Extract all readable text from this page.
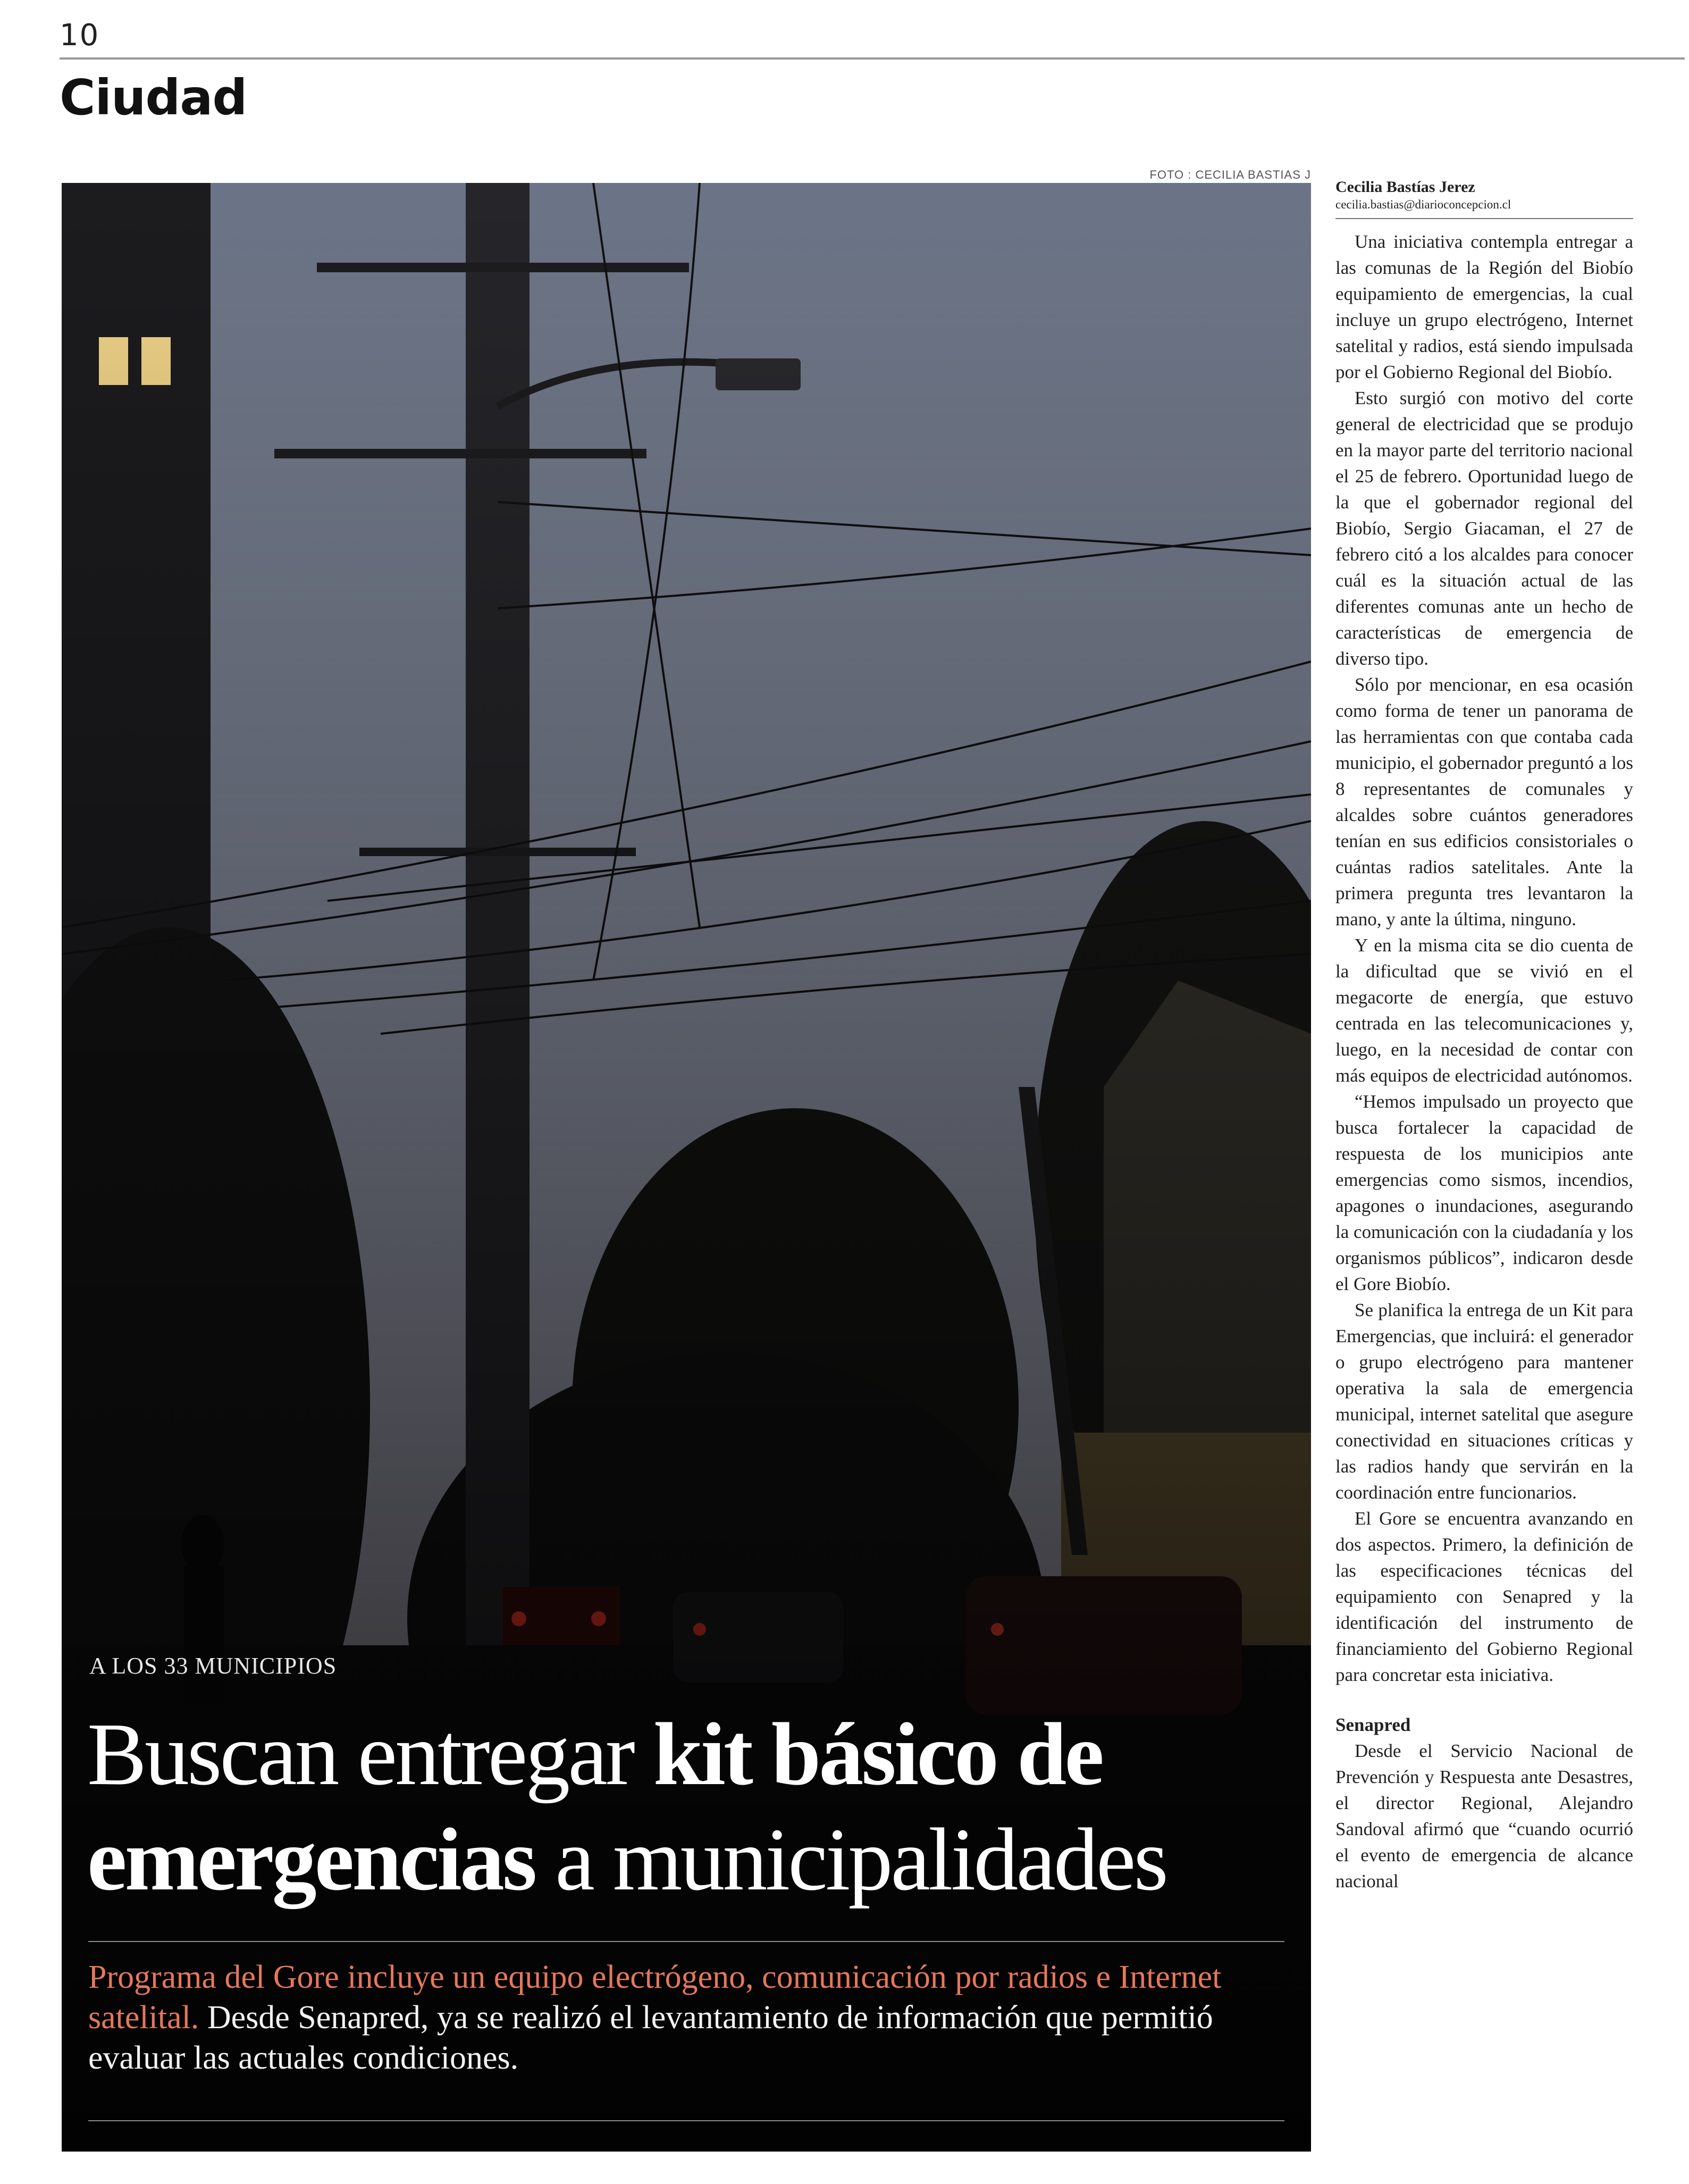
10
Ciudad
FOTO : CECILIA BASTIAS J
A LOS 33 MUNICIPIOS
Buscan entregar kit básico de emergencias a municipalidades
Programa del Gore incluye un equipo electrógeno, comunicación por radios e Internet satelital. Desde Senapred, ya se realizó el levantamiento de información que permitió evaluar las actuales condiciones.
Cecilia Bastías Jerez
cecilia.bastias@diarioconcepcion.cl

Una iniciativa contempla entregar a las comunas de la Región del Biobío equipamiento de emergencias, la cual incluye un grupo electrógeno, Internet satelital y radios, está siendo impulsada por el Gobierno Regional del Biobío.

Esto surgió con motivo del corte general de electricidad que se produjo en la mayor parte del territorio nacional el 25 de febrero. Oportunidad luego de la que el gobernador regional del Biobío, Sergio Giacaman, el 27 de febrero citó a los alcaldes para conocer cuál es la situación actual de las diferentes comunas ante un hecho de características de emergencia de diverso tipo.

Sólo por mencionar, en esa ocasión como forma de tener un panorama de las herramientas con que contaba cada municipio, el gobernador preguntó a los 8 representantes de comunales y alcaldes sobre cuántos generadores tenían en sus edificios consistoriales o cuántas radios satelitales. Ante la primera pregunta tres levantaron la mano, y ante la última, ninguno.

Y en la misma cita se dio cuenta de la dificultad que se vivió en el megacorte de energía, que estuvo centrada en las telecomunicaciones y, luego, en la necesidad de contar con más equipos de electricidad autónomos.

“Hemos impulsado un proyecto que busca fortalecer la capacidad de respuesta de los municipios ante emergencias como sismos, incendios, apagones o inundaciones, asegurando la comunicación con la ciudadanía y los organismos públicos”, indicaron desde el Gore Biobío.

Se planifica la entrega de un Kit para Emergencias, que incluirá: el generador o grupo electrógeno para mantener operativa la sala de emergencia municipal, internet satelital que asegure conectividad en situaciones críticas y las radios handy que servirán en la coordinación entre funcionarios.

El Gore se encuentra avanzando en dos aspectos. Primero, la definición de las especificaciones técnicas del equipamiento con Senapred y la identificación del instrumento de financiamiento del Gobierno Regional para concretar esta iniciativa.

Senapred

Desde el Servicio Nacional de Prevención y Respuesta ante Desastres, el director Regional, Alejandro Sandoval afirmó que “cuando ocurrió el evento de emergencia de alcance nacional
